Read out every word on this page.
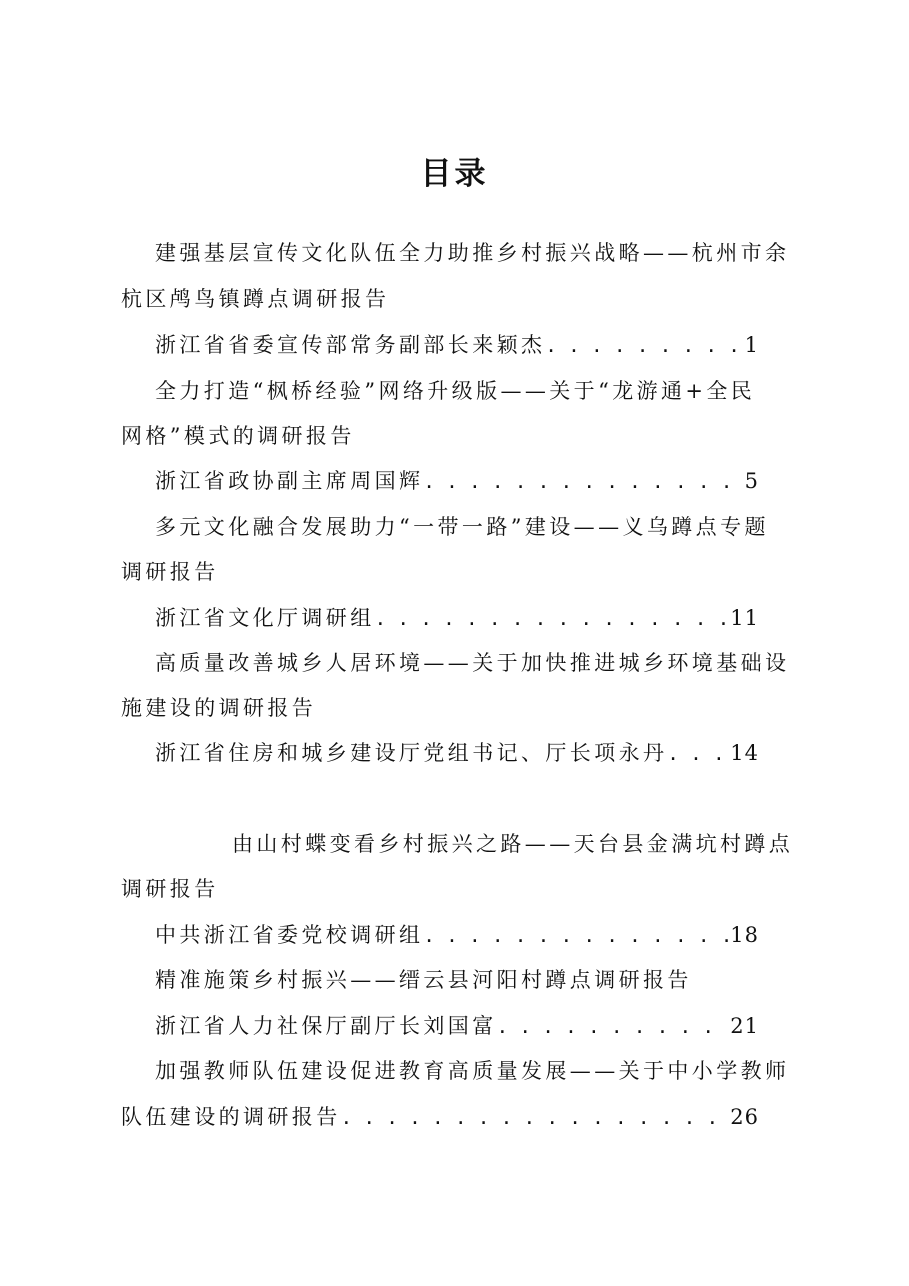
目录
建强基层宣传文化队伍全力助推乡村振兴战略——杭州市余
杭区鸬鸟镇蹲点调研报告
浙江省省委宣传部常务副部长来颖杰 . . .	1
全力打造“枫桥经验”网络升级版——关于“龙游通+全民
网格”模式的调研报告
浙江省政协副主席周国辉 . . .	5
多元文化融合发展助力“一带一路”建设——义乌蹲点专题
调研报告
浙江省文化厅调研组 . . .	11
高质量改善城乡人居环境——关于加快推进城乡环境基础设
施建设的调研报告
浙江省住房和城乡建设厅党组书记、厅长项永丹 . . .	14
由山村蝶变看乡村振兴之路——天台县金满坑村蹲点
调研报告
中共浙江省委党校调研组 . . .	18
精准施策乡村振兴——缙云县河阳村蹲点调研报告
浙江省人力社保厅副厅长刘国富 . . .	21
加强教师队伍建设促进教育高质量发展——关于中小学教师
队伍建设的调研报告 . . .	26
